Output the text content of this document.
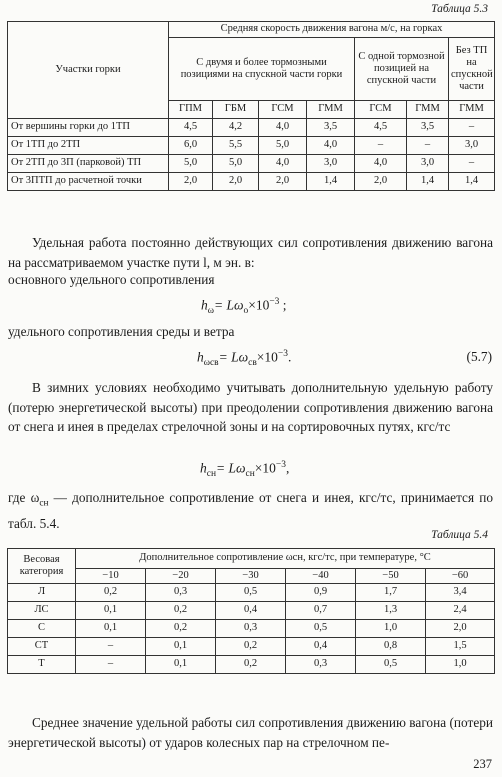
Таблица 5.3
Участки горки	Средняя скорость движения вагона м/с, на горках						
	С двумя и более тормозными позициями на спускной части горки				С одной тормозной позицией на спускной части		Без ТП на спускной части
	ГПМ	ГБМ	ГСМ	ГММ	ГСМ	ГММ	ГММ
От вершины горки до 1ТП	4,5	4,2	4,0	3,5	4,5	3,5	–
От 1ТП до 2ТП	6,0	5,5	5,0	4,0	–	–	3,0
От 2ТП до 3П (парковой) ТП	5,0	5,0	4,0	3,0	4,0	3,0	–
От 3ПТП до расчетной точки	2,0	2,0	2,0	1,4	2,0	1,4	1,4

Удельная работа постоянно действующих сил сопротивления движению вагона на рассматриваемом участке пути l, м эн. в:

основного удельного сопротивления

$h_\omega= L\omega_о\times 10^{-3}$ ;

удельного сопротивления среды и ветра

$h_{\omega св}= L\omega_{св}\times 10^{-3}$.	(5.7)

В зимних условиях необходимо учитывать дополнительную удельную работу (потерю энергетической высоты) при преодолении сопротивления движению вагона от снега и инея в пределах стрелочной зоны и на сортировочных путях, кгс/тс

$h_{сн}= L\omega_{сн}\times 10^{-3}$,

где $\omega_{сн}$ — дополнительное сопротивление от снега и инея, кгс/тс, принимается по табл. 5.4.

Таблица 5.4
Весовая категория	Дополнительное сопротивление ωсн, кгс/тс, при температуре, °С					
	−10	−20	−30	−40	−50	−60
Л	0,2	0,3	0,5	0,9	1,7	3,4
ЛС	0,1	0,2	0,4	0,7	1,3	2,4
С	0,1	0,2	0,3	0,5	1,0	2,0
СТ	–	0,1	0,2	0,4	0,8	1,5
Т	–	0,1	0,2	0,3	0,5	1,0

Среднее значение удельной работы сил сопротивления движению вагона (потери энергетической высоты) от ударов колесных пар на стрелочном пе-

237
